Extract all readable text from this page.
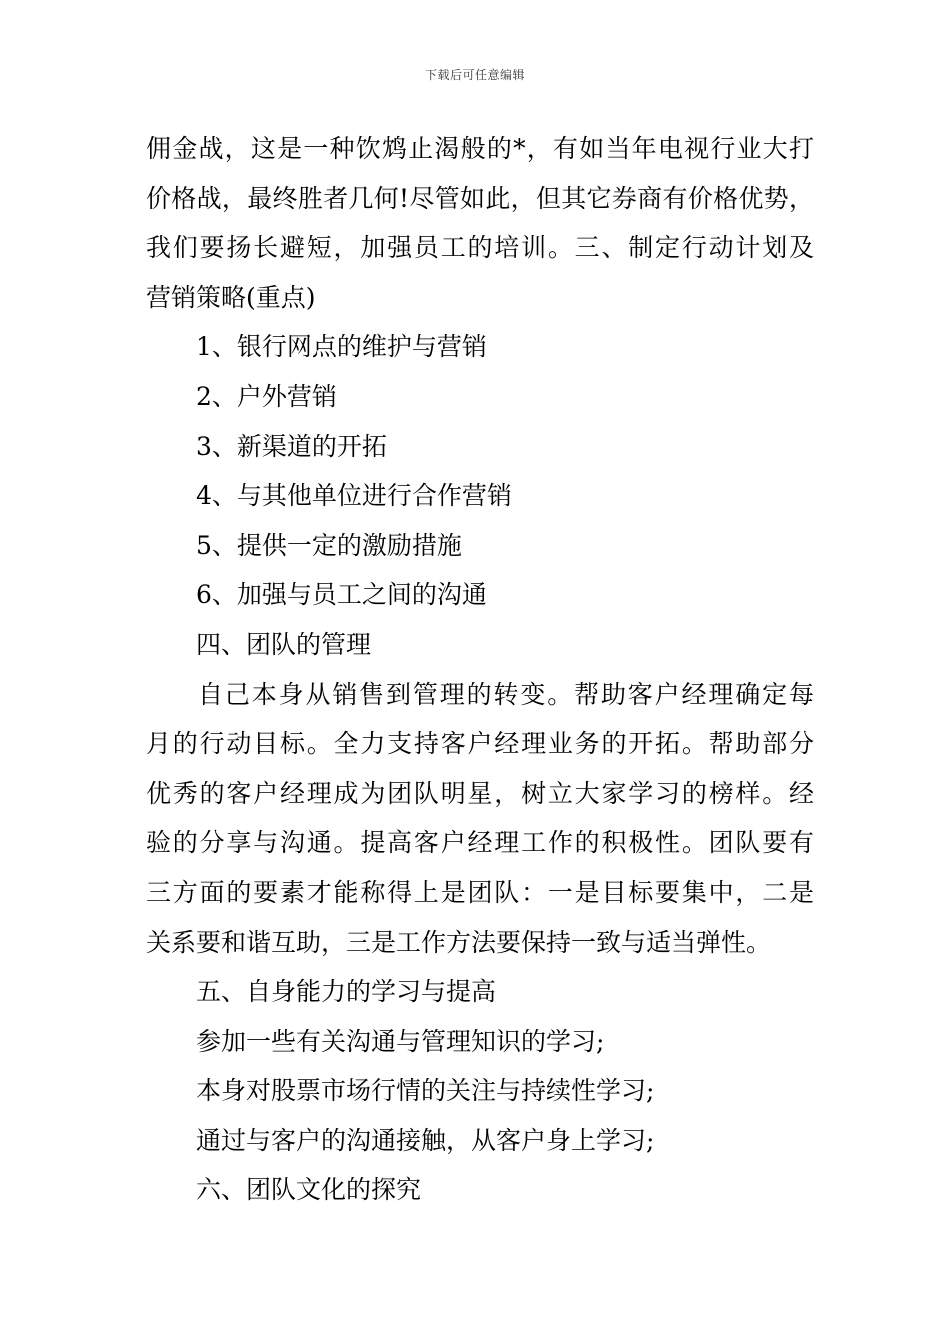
下载后可任意编辑
佣金战，这是一种饮鸩止渴般的*，有如当年电视行业大打
价格战，最终胜者几何!尽管如此，但其它券商有价格优势，
我们要扬长避短，加强员工的培训。三、制定行动计划及
营销策略(重点)
1、银行网点的维护与营销
2、户外营销
3、新渠道的开拓
4、与其他单位进行合作营销
5、提供一定的激励措施
6、加强与员工之间的沟通
四、团队的管理
自己本身从销售到管理的转变。帮助客户经理确定每
月的行动目标。全力支持客户经理业务的开拓。帮助部分
优秀的客户经理成为团队明星，树立大家学习的榜样。经
验的分享与沟通。提高客户经理工作的积极性。团队要有
三方面的要素才能称得上是团队：一是目标要集中，二是
关系要和谐互助，三是工作方法要保持一致与适当弹性。
五、自身能力的学习与提高
参加一些有关沟通与管理知识的学习;
本身对股票市场行情的关注与持续性学习;
通过与客户的沟通接触，从客户身上学习;
六、团队文化的探究
